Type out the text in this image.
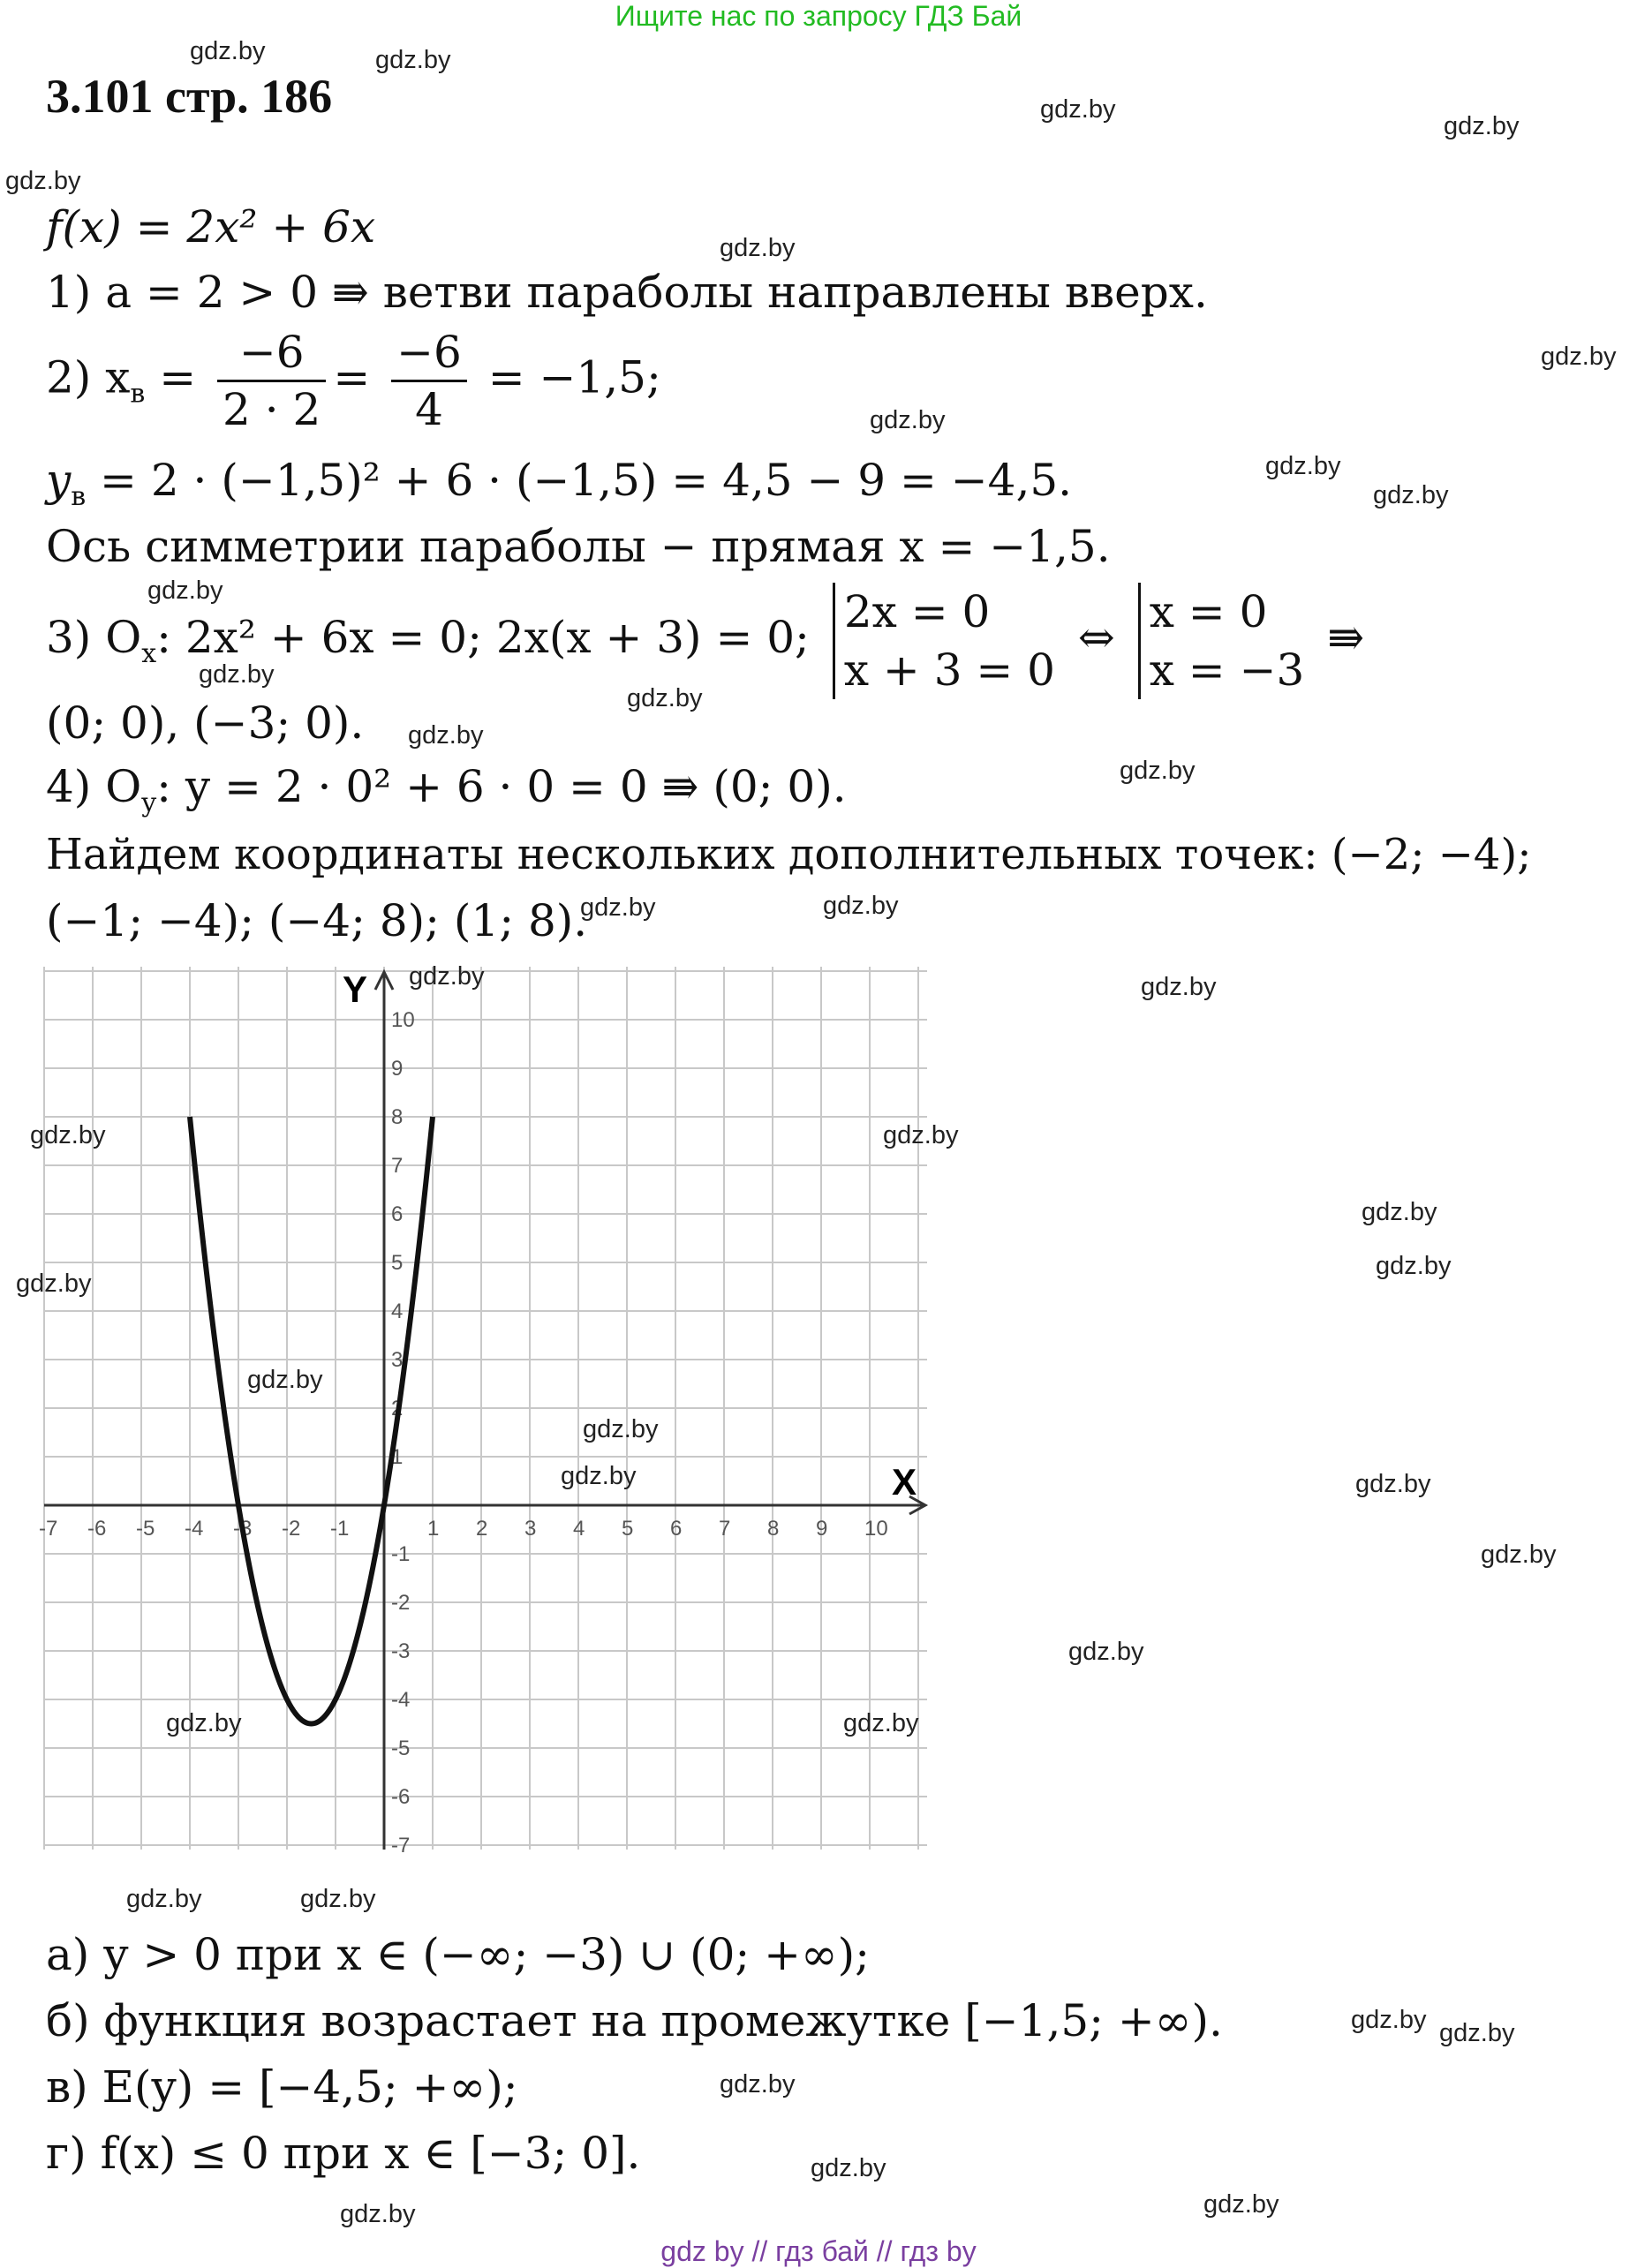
Ищите нас по запросу ГДЗ Бай
3.101 стр. 186
f(x) = 2x² + 6x
1) a = 2 > 0 ⇛ ветви параболы направлены вверх.
2) $x_в = \frac{-6}{2 \cdot 2} = \frac{-6}{4} = -1,5$;
$y_в = 2 \cdot (-1,5)^2 + 6 \cdot (-1,5) = 4,5 - 9 = -4,5$.
Ось симметрии параболы − прямая x = −1,5.
3) $O_x$: 2x² + 6x = 0; 2x(x + 3) = 0; 2x = 0
x + 3 = 0
⇔ x = 0
x = −3
⇛
(0; 0), (−3; 0).
4) $O_y$: y = 2 · 0² + 6 · 0 = 0 ⇛ (0; 0).
Найдем координаты нескольких дополнительных точек: (−2; −4);
(−1; −4); (−4; 8); (1; 8).
-7 -6 -5 -4 -3 -2 -1	1 2 3 4 5 6 7 8 9 10
10
9
8
7
6
5
4
3
2
1
-1
-2
-3
-4
-5
-6
-7
X
Y
а) y > 0 при x ∈ (−∞; −3) ∪ (0; +∞);
б) функция возрастает на промежутке [−1,5; +∞).
в) E(y) = [−4,5; +∞);
г) f(x) ≤ 0 при x ∈ [−3; 0].
gdz.by	gdz.by
gdz.by
gdz.by
gdz.by
gdz.by
gdz.by
gdz.by
gdz.by
gdz.by
gdz.by
gdz.by
gdz.by
gdz.by
gdz.by
gdz.by	gdz.by
gdz.by	gdz.by
gdz.by	gdz.by
gdz.by
gdz.by
gdz.by
gdz.by
gdz.by
gdz.by	gdz.by
gdz.by
gdz.by
gdz.by	gdz.by
gdz.by	gdz.by
gdz.by gdz.by
gdz.by
gdz.by
gdz.by
gdz.by
gdz by // гдз бай // гдз by
